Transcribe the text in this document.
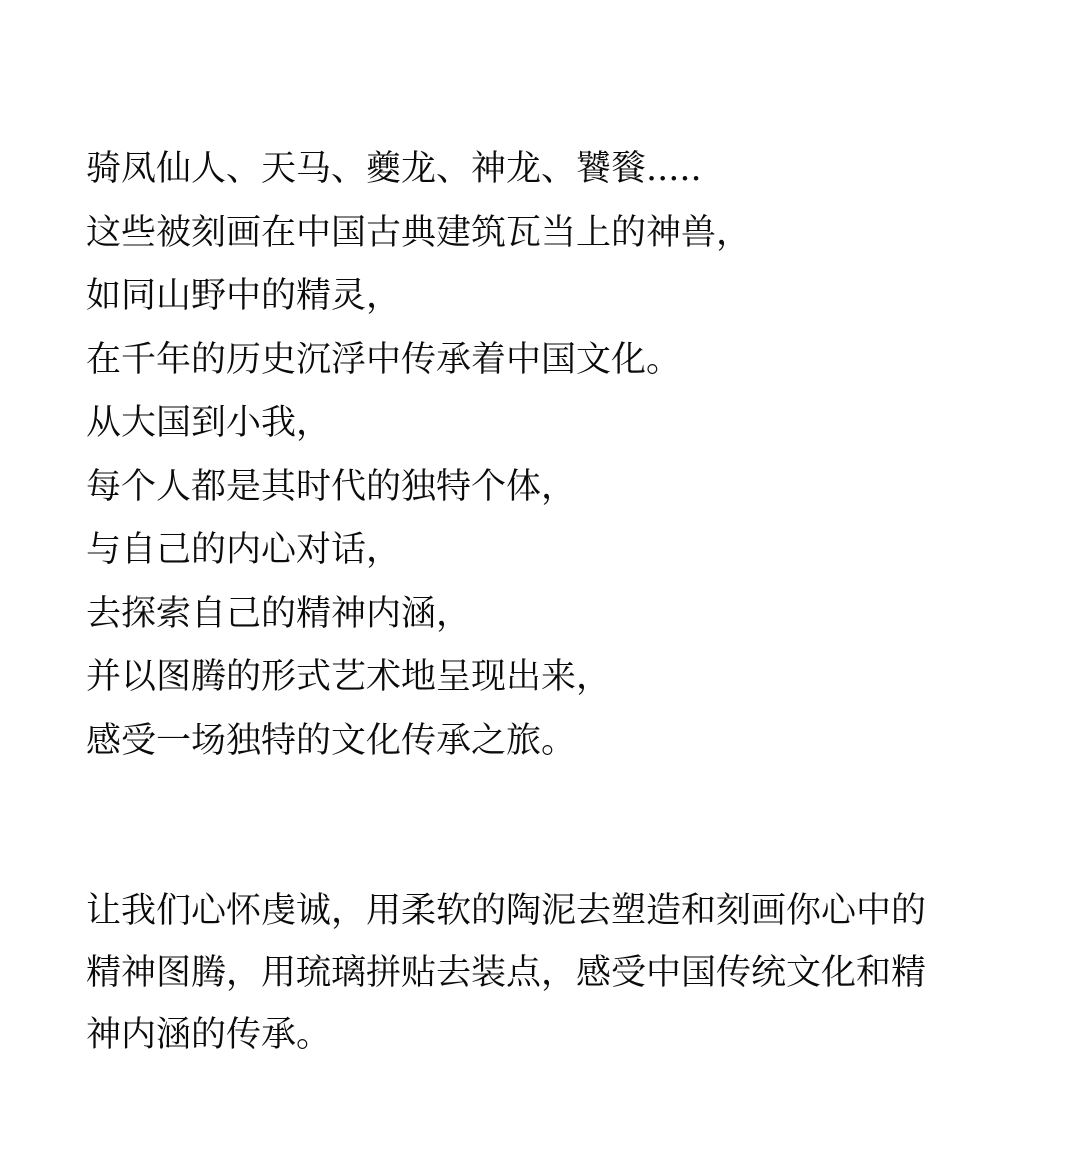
骑凤仙人、天马、夔龙、神龙、饕餮.....
这些被刻画在中国古典建筑瓦当上的神兽，
如同山野中的精灵，
在千年的历史沉浮中传承着中国文化。
从大国到小我，
每个人都是其时代的独特个体，
与自己的内心对话，
去探索自己的精神内涵，
并以图腾的形式艺术地呈现出来，
感受一场独特的文化传承之旅。
让我们心怀虔诚，用柔软的陶泥去塑造和刻画你心中的
精神图腾，用琉璃拼贴去装点，感受中国传统文化和精
神内涵的传承。
